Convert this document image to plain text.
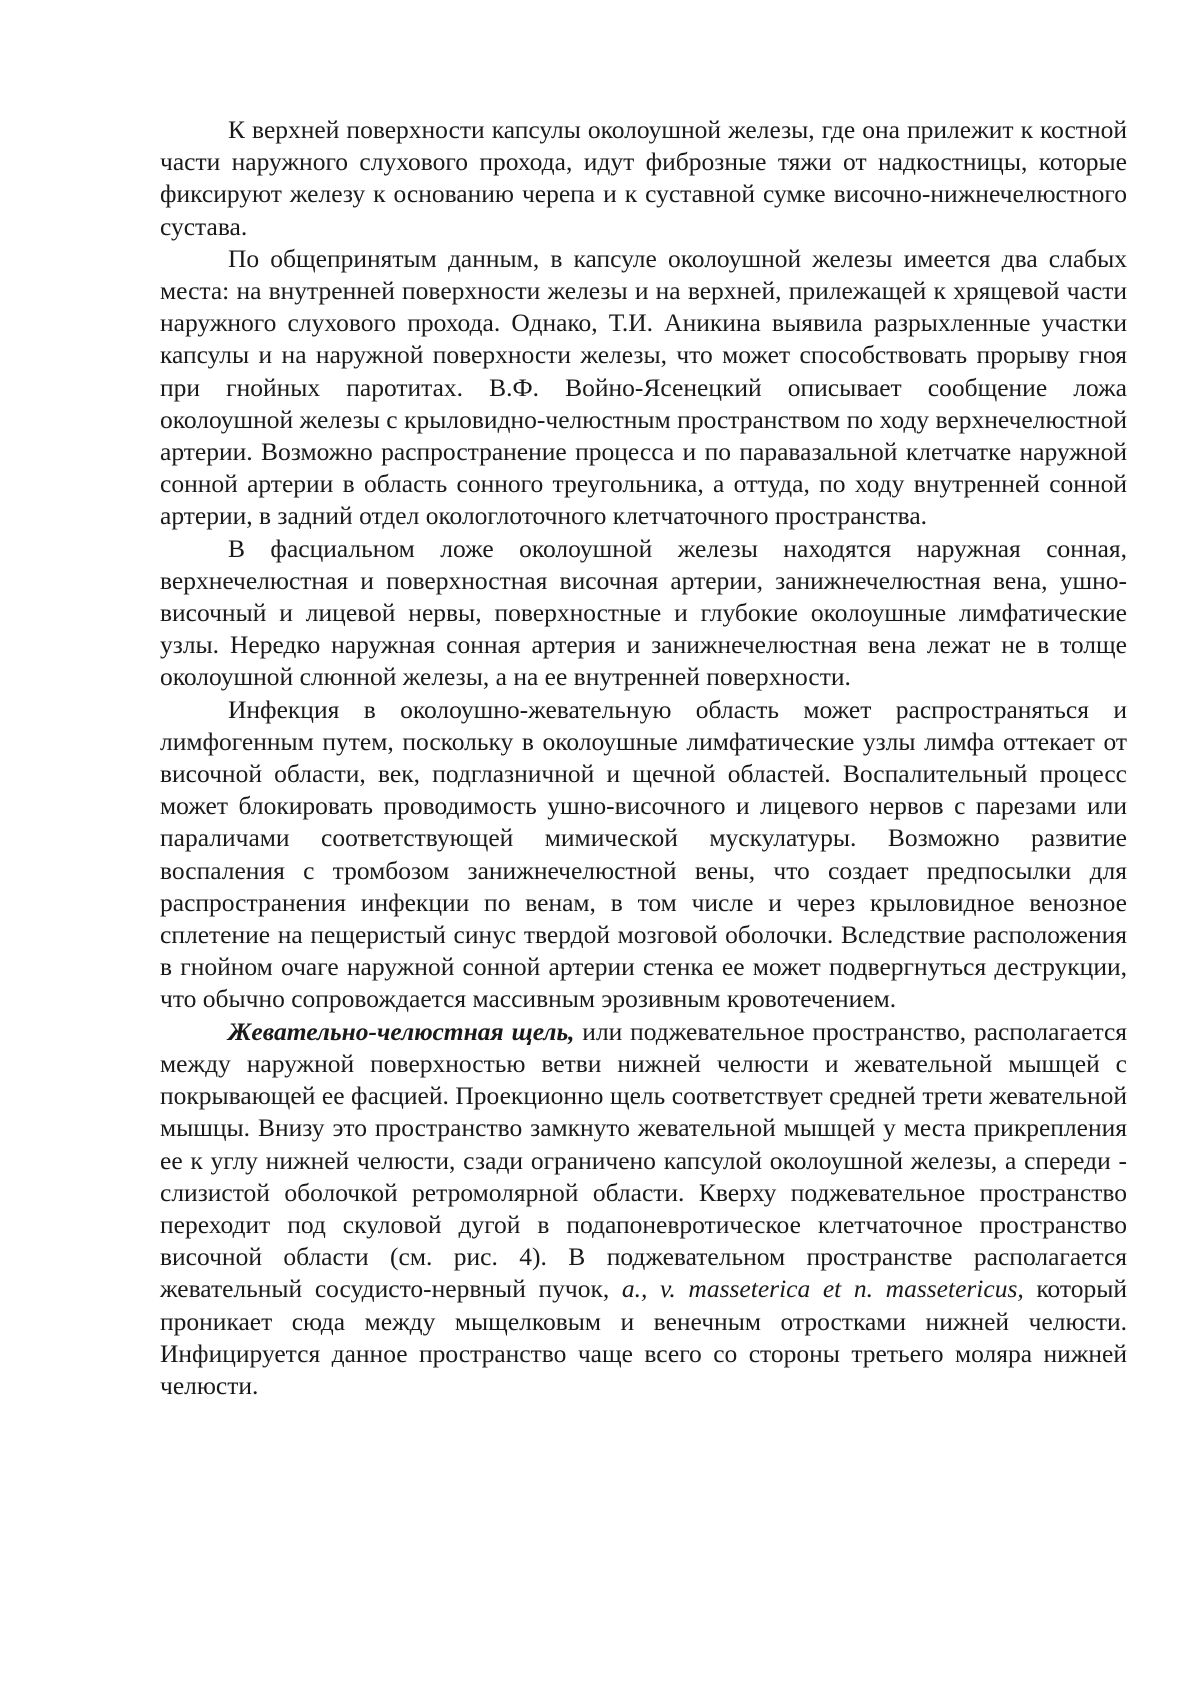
К верхней поверхности капсулы околоушной железы, где она прилежит к костной части наружного слухового прохода, идут фиброзные тяжи от надкостницы, которые фиксируют железу к основанию черепа и к суставной сумке височно-нижнечелюстного сустава.

По общепринятым данным, в капсуле околоушной железы имеется два слабых места: на внутренней поверхности железы и на верхней, прилежащей к хрящевой части наружного слухового прохода. Однако, Т.И. Аникина выявила разрыхленные участки капсулы и на наружной поверхности железы, что может способствовать прорыву гноя при гнойных паротитах. В.Ф. Войно-Ясенецкий описывает сообщение ложа околоушной железы с крыловидно-челюстным пространством по ходу верхнечелюстной артерии. Возможно распространение процесса и по паравазальной клетчатке наружной сонной артерии в область сонного треугольника, а оттуда, по ходу внутренней сонной артерии, в задний отдел окологлоточного клетчаточного пространства.

В фасциальном ложе околоушной железы находятся наружная сонная, верхнечелюстная и поверхностная височная артерии, занижнечелюстная вена, ушно-височный и лицевой нервы, поверхностные и глубокие околоушные лимфатические узлы. Нередко наружная сонная артерия и занижнечелюстная вена лежат не в толще околоушной слюнной железы, а на ее внутренней поверхности.

Инфекция в околоушно-жевательную область может распространяться и лимфогенным путем, поскольку в околоушные лимфатические узлы лимфа оттекает от височной области, век, подглазничной и щечной областей. Воспалительный процесс может блокировать проводимость ушно-височного и лицевого нервов с парезами или параличами соответствующей мимической мускулатуры. Возможно развитие воспаления с тромбозом занижнечелюстной вены, что создает предпосылки для распространения инфекции по венам, в том числе и через крыловидное венозное сплетение на пещеристый синус твердой мозговой оболочки. Вследствие расположения в гнойном очаге наружной сонной артерии стенка ее может подвергнуться деструкции, что обычно сопровождается массивным эрозивным кровотечением.

Жевательно-челюстная щель, или поджевательное пространство, располагается между наружной поверхностью ветви нижней челюсти и жевательной мышцей с покрывающей ее фасцией. Проекционно щель соответствует средней трети жевательной мышцы. Внизу это пространство замкнуто жевательной мышцей у места прикрепления ее к углу нижней челюсти, сзади ограничено капсулой околоушной железы, а спереди - слизистой оболочкой ретромолярной области. Кверху поджевательное пространство переходит под скуловой дугой в подапоневротическое клетчаточное пространство височной области (см. рис. 4). В поджевательном пространстве располагается жевательный сосудисто-нервный пучок, a., v. masseterica et n. massetericus, который проникает сюда между мыщелковым и венечным отростками нижней челюсти. Инфицируется данное пространство чаще всего со стороны третьего моляра нижней челюсти.
